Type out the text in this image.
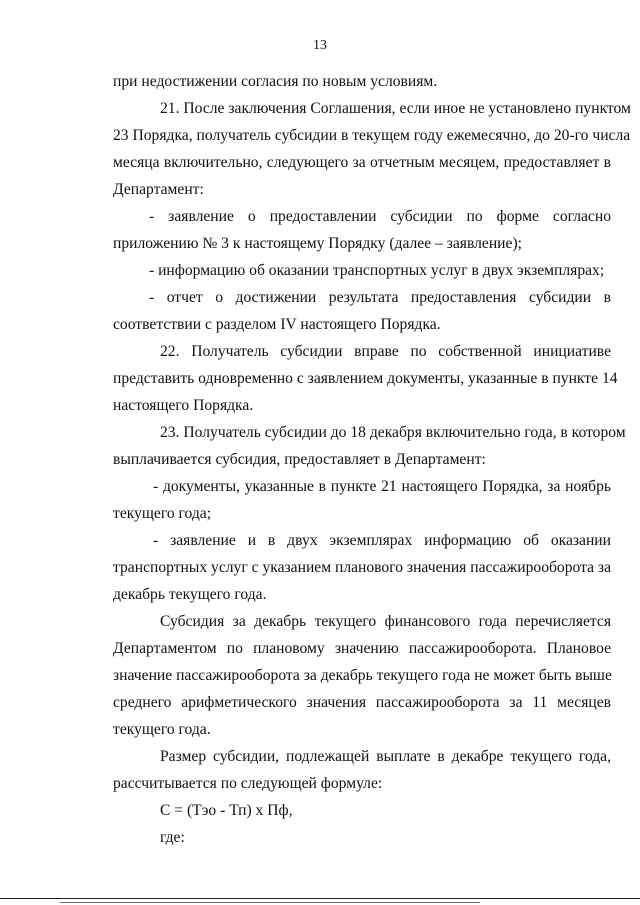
13
при недостижении согласия по новым условиям.
21. После заключения Соглашения, если иное не установлено пунктом
23 Порядка, получатель субсидии в текущем году ежемесячно, до 20-го числа
месяца включительно, следующего за отчетным месяцем, предоставляет в
Департамент:
- заявление о предоставлении субсидии по форме согласно
приложению № 3 к настоящему Порядку (далее – заявление);
- информацию об оказании транспортных услуг в двух экземплярах;
- отчет о достижении результата предоставления субсидии в
соответствии с разделом IV настоящего Порядка.
22. Получатель субсидии вправе по собственной инициативе
представить одновременно с заявлением документы, указанные в пункте 14
настоящего Порядка.
23. Получатель субсидии до 18 декабря включительно года, в котором
выплачивается субсидия, предоставляет в Департамент:
- документы, указанные в пункте 21 настоящего Порядка, за ноябрь
текущего года;
- заявление и в двух экземплярах информацию об оказании
транспортных услуг с указанием планового значения пассажирооборота за
декабрь текущего года.
Субсидия за декабрь текущего финансового года перечисляется
Департаментом по плановому значению пассажирооборота. Плановое
значение пассажирооборота за декабрь текущего года не может быть выше
среднего арифметического значения пассажирооборота за 11 месяцев
текущего года.
Размер субсидии, подлежащей выплате в декабре текущего года,
рассчитывается по следующей формуле:
С = (Тэо - Тп) х Пф,
где:
